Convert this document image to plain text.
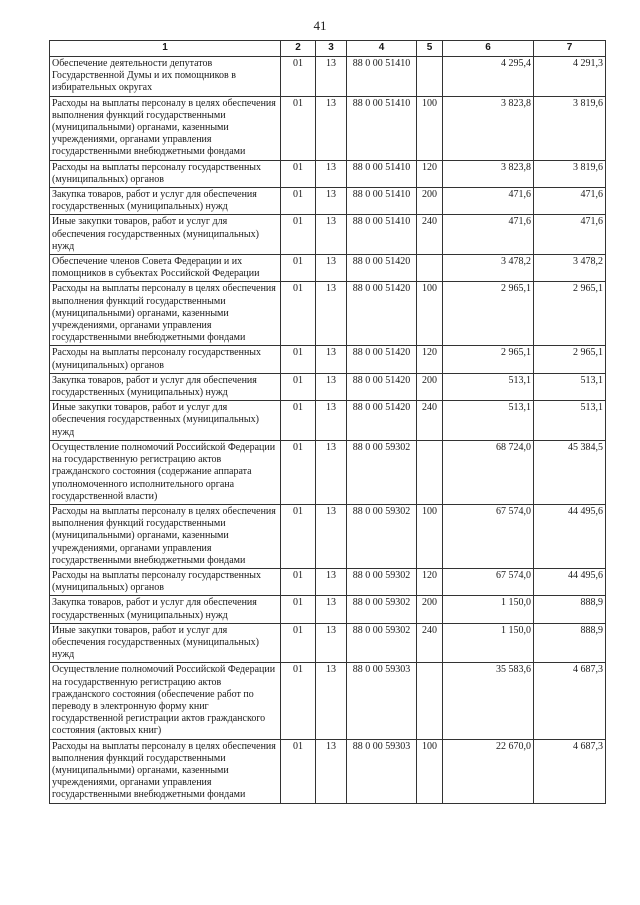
41
1	2	3	4	5	6	7
Обеспечение деятельности депутатов Государственной Думы и их помощников в избирательных округах	01	13	88 0 00 51410		4 295,4	4 291,3
Расходы на выплаты персоналу в целях обеспечения выполнения функций государственными (муниципальными) органами, казенными учреждениями, органами управления государственными внебюджетными фондами	01	13	88 0 00 51410	100	3 823,8	3 819,6
Расходы на выплаты персоналу государственных (муниципальных) органов	01	13	88 0 00 51410	120	3 823,8	3 819,6
Закупка товаров, работ и услуг для обеспечения государственных (муниципальных) нужд	01	13	88 0 00 51410	200	471,6	471,6
Иные закупки товаров, работ и услуг для обеспечения государственных (муниципальных) нужд	01	13	88 0 00 51410	240	471,6	471,6
Обеспечение членов Совета Федерации и их помощников в субъектах Российской Федерации	01	13	88 0 00 51420		3 478,2	3 478,2
Расходы на выплаты персоналу в целях обеспечения выполнения функций государственными (муниципальными) органами, казенными учреждениями, органами управления государственными внебюджетными фондами	01	13	88 0 00 51420	100	2 965,1	2 965,1
Расходы на выплаты персоналу государственных (муниципальных) органов	01	13	88 0 00 51420	120	2 965,1	2 965,1
Закупка товаров, работ и услуг для обеспечения государственных (муниципальных) нужд	01	13	88 0 00 51420	200	513,1	513,1
Иные закупки товаров, работ и услуг для обеспечения государственных (муниципальных) нужд	01	13	88 0 00 51420	240	513,1	513,1
Осуществление полномочий Российской Федерации на государственную регистрацию актов гражданского состояния (содержание аппарата уполномоченного исполнительного органа государственной власти)	01	13	88 0 00 59302		68 724,0	45 384,5
Расходы на выплаты персоналу в целях обеспечения выполнения функций государственными (муниципальными) органами, казенными учреждениями, органами управления государственными внебюджетными фондами	01	13	88 0 00 59302	100	67 574,0	44 495,6
Расходы на выплаты персоналу государственных (муниципальных) органов	01	13	88 0 00 59302	120	67 574,0	44 495,6
Закупка товаров, работ и услуг для обеспечения государственных (муниципальных) нужд	01	13	88 0 00 59302	200	1 150,0	888,9
Иные закупки товаров, работ и услуг для обеспечения государственных (муниципальных) нужд	01	13	88 0 00 59302	240	1 150,0	888,9
Осуществление полномочий Российской Федерации на государственную регистрацию актов гражданского состояния (обеспечение работ по переводу в электронную форму книг государственной регистрации актов гражданского состояния (актовых книг)	01	13	88 0 00 59303		35 583,6	4 687,3
Расходы на выплаты персоналу в целях обеспечения выполнения функций государственными (муниципальными) органами, казенными учреждениями, органами управления государственными внебюджетными фондами	01	13	88 0 00 59303	100	22 670,0	4 687,3
